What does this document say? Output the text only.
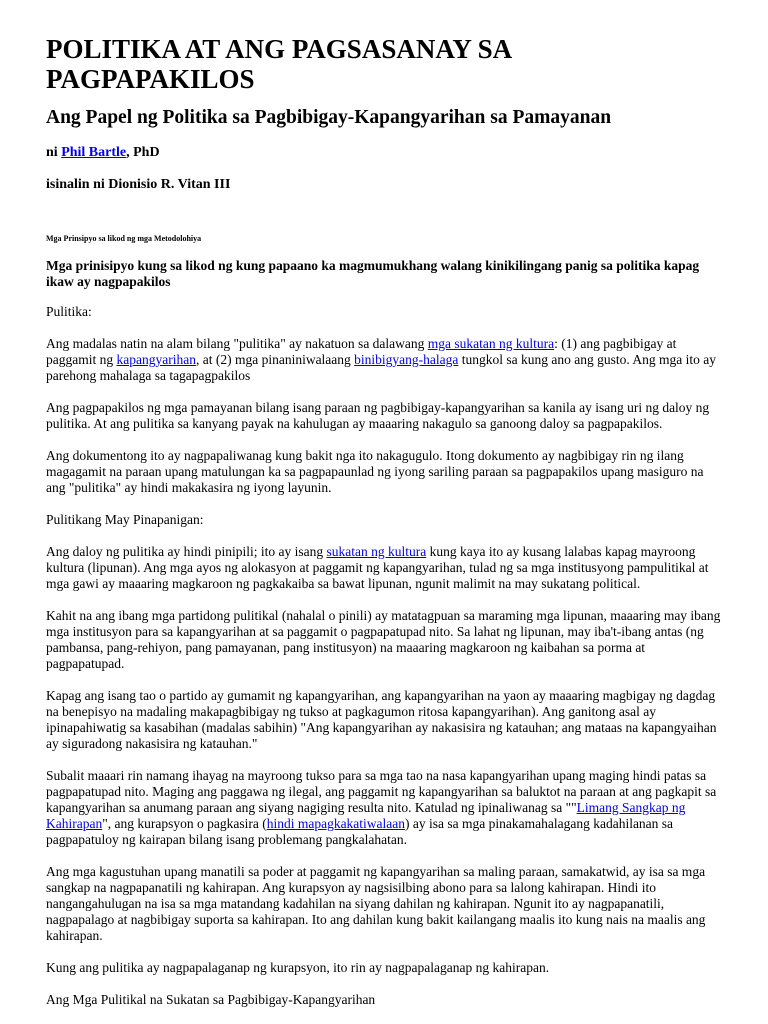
POLITIKA AT ANG PAGSASANAY SA PAGPAPAKILOS
Ang Papel ng Politika sa Pagbibigay-Kapangyarihan sa Pamayanan
ni Phil Bartle, PhD
isinalin ni Dionisio R. Vitan III
Mga Prinsipyo sa likod ng mga Metodolohiya
Mga prinisipyo kung sa likod ng kung papaano ka magmumukhang walang kinikilingang panig sa politika kapag ikaw ay nagpapakilos

Pulitika:

Ang madalas natin na alam bilang "pulitika" ay nakatuon sa dalawang mga sukatan ng kultura: (1) ang pagbibigay at paggamit ng kapangyarihan, at (2) mga pinaniniwalaang binibigyang-halaga tungkol sa kung ano ang gusto. Ang mga ito ay parehong mahalaga sa tagapagpakilos

Ang pagpapakilos ng mga pamayanan bilang isang paraan ng pagbibigay-kapangyarihan sa kanila ay isang uri ng daloy ng pulitika. At ang pulitika sa kanyang payak na kahulugan ay maaaring nakagulo sa ganoong daloy sa pagpapakilos.

Ang dokumentong ito ay nagpapaliwanag kung bakit nga ito nakagugulo. Itong dokumento ay nagbibigay rin ng ilang magagamit na paraan upang matulungan ka sa pagpapaunlad ng iyong sariling paraan sa pagpapakilos upang masiguro na ang "pulitika" ay hindi makakasira ng iyong layunin.

Pulitikang May Pinapanigan:

Ang daloy ng pulitika ay hindi pinipili; ito ay isang sukatan ng kultura kung kaya ito ay kusang lalabas kapag mayroong kultura (lipunan). Ang mga ayos ng alokasyon at paggamit ng kapangyarihan, tulad ng sa mga institusyong pampulitikal at mga gawi ay maaaring magkaroon ng pagkakaiba sa bawat lipunan, ngunit malimit na may sukatang political.

Kahit na ang ibang mga partidong pulitikal (nahalal o pinili) ay matatagpuan sa maraming mga lipunan, maaaring may ibang mga institusyon para sa kapangyarihan at sa paggamit o pagpapatupad nito. Sa lahat ng lipunan, may iba't-ibang antas (ng pambansa, pang-rehiyon, pang pamayanan, pang institusyon) na maaaring magkaroon ng kaibahan sa porma at pagpapatupad.

Kapag ang isang tao o partido ay gumamit ng kapangyarihan, ang kapangyarihan na yaon ay maaaring magbigay ng dagdag na benepisyo na madaling makapagbibigay ng tukso at pagkagumon ritosa kapangyarihan). Ang ganitong asal ay ipinapahiwatig sa kasabihan (madalas sabihin) "Ang kapangyarihan ay nakasisira ng katauhan; ang mataas na kapangyaihan ay siguradong nakasisira ng katauhan."

Subalit maaari rin namang ihayag na mayroong tukso para sa mga tao na nasa kapangyarihan upang maging hindi patas sa pagpapatupad nito. Maging ang paggawa ng ilegal, ang paggamit ng kapangyarihan sa baluktot na paraan at ang pagkapit sa kapangyarihan sa anumang paraan ang siyang nagiging resulta nito. Katulad ng ipinaliwanag sa ""Limang Sangkap ng Kahirapan", ang kurapsyon o pagkasira (hindi mapagkakatiwalaan) ay isa sa mga pinakamahalagang kadahilanan sa pagpapatuloy ng kairapan bilang isang problemang pangkalahatan.

Ang mga kagustuhan upang manatili sa poder at paggamit ng kapangyarihan sa maling paraan, samakatwid, ay isa sa mga sangkap na nagpapanatili ng kahirapan. Ang kurapsyon ay nagsisilbing abono para sa lalong kahirapan. Hindi ito nangangahulugan na isa sa mga matandang kadahilan na siyang dahilan ng kahirapan. Ngunit ito ay nagpapanatili, nagpapalago at nagbibigay suporta sa kahirapan. Ito ang dahilan kung bakit kailangang maalis ito kung nais na maalis ang kahirapan.

Kung ang pulitika ay nagpapalaganap ng kurapsyon, ito rin ay nagpapalaganap ng kahirapan.

Ang Mga Pulitikal na Sukatan sa Pagbibigay-Kapangyarihan
